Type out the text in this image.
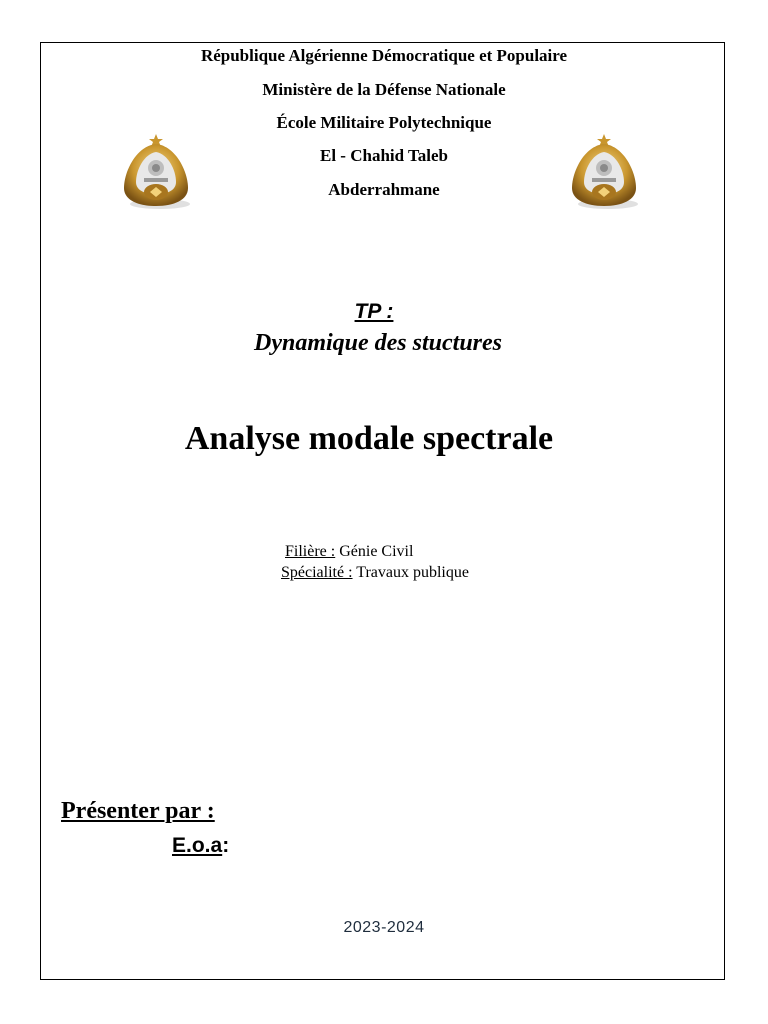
République Algérienne Démocratique et Populaire
Ministère de la Défense Nationale
École Militaire Polytechnique
El - Chahid Taleb
Abderrahmane
TP :
Dynamique des stuctures
Analyse modale spectrale
Filière : Génie Civil
Spécialité : Travaux publique
Présenter par :
E.o.a:
2023-2024
